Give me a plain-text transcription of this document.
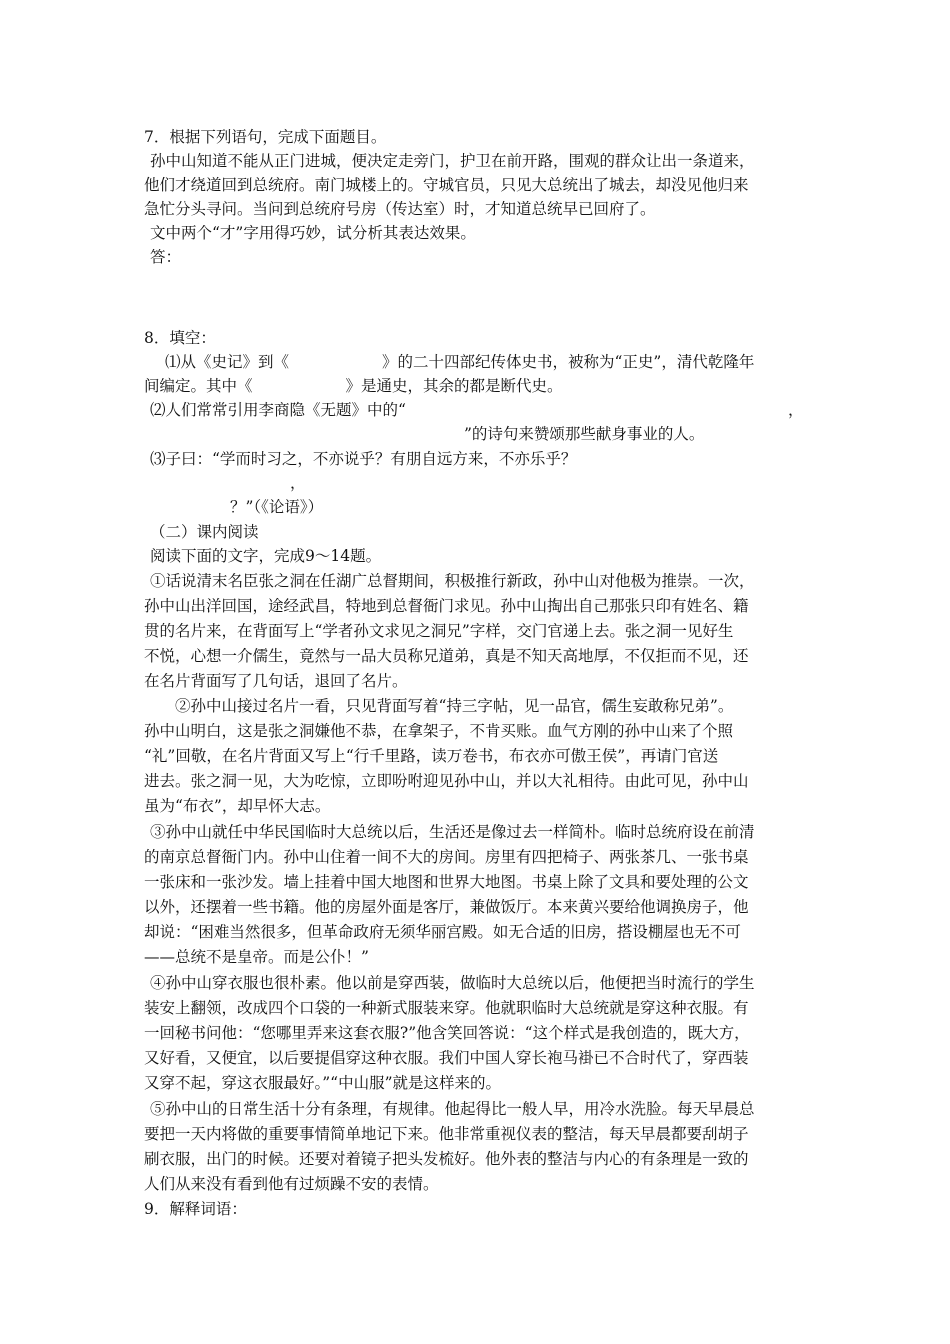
7．根据下列语句，完成下面题目。
孙中山知道不能从正门进城，便决定走旁门，护卫在前开路，围观的群众让出一条道来，
他们才绕道回到总统府。南门城楼上的。守城官员，只见大总统出了城去，却没见他归来
急忙分头寻问。当问到总统府号房（传达室）时，才知道总统早已回府了。
文中两个“才”字用得巧妙，试分析其表达效果。
答：
8．填空：
⑴从《史记》到《　　　　　　》的二十四部纪传体史书，被称为“正史”，清代乾隆年
间编定。其中《　　　　　　》是通史，其余的都是断代史。
⑵人们常常引用李商隐《无题》中的“	，
”的诗句来赞颂那些献身事业的人。
⑶子曰：“学而时习之，不亦说乎？有朋自远方来，不亦乐乎？
，
？”（《论语》）
（二）课内阅读
阅读下面的文字，完成9～14题。
①话说清末名臣张之洞在任湖广总督期间，积极推行新政，孙中山对他极为推崇。一次，
孙中山出洋回国，途经武昌，特地到总督衙门求见。孙中山掏出自己那张只印有姓名、籍
贯的名片来，在背面写上“学者孙文求见之洞兄”字样，交门官递上去。张之洞一见好生
不悦，心想一介儒生，竟然与一品大员称兄道弟，真是不知天高地厚，不仅拒而不见，还
在名片背面写了几句话，退回了名片。
②孙中山接过名片一看，只见背面写着“持三字帖，见一品官，儒生妄敢称兄弟”。
孙中山明白，这是张之洞嫌他不恭，在拿架子，不肯买账。血气方刚的孙中山来了个照
“礼”回敬，在名片背面又写上“行千里路，读万卷书，布衣亦可傲王侯”，再请门官送
进去。张之洞一见，大为吃惊，立即吩咐迎见孙中山，并以大礼相待。由此可见，孙中山
虽为“布衣”，却早怀大志。
③孙中山就任中华民国临时大总统以后，生活还是像过去一样简朴。临时总统府设在前清
的南京总督衙门内。孙中山住着一间不大的房间。房里有四把椅子、两张茶几、一张书桌
一张床和一张沙发。墙上挂着中国大地图和世界大地图。书桌上除了文具和要处理的公文
以外，还摆着一些书籍。他的房屋外面是客厅，兼做饭厅。本来黄兴要给他调换房子，他
却说：“困难当然很多，但革命政府无须华丽宫殿。如无合适的旧房，搭设棚屋也无不可
——总统不是皇帝。而是公仆！”
④孙中山穿衣服也很朴素。他以前是穿西装，做临时大总统以后，他便把当时流行的学生
装安上翻领，改成四个口袋的一种新式服装来穿。他就职临时大总统就是穿这种衣服。有
一回秘书问他：“您哪里弄来这套衣服?”他含笑回答说：“这个样式是我创造的，既大方，
又好看，又便宜，以后要提倡穿这种衣服。我们中国人穿长袍马褂已不合时代了，穿西装
又穿不起，穿这衣服最好。”“中山服”就是这样来的。
⑤孙中山的日常生活十分有条理，有规律。他起得比一般人早，用冷水洗脸。每天早晨总
要把一天内将做的重要事情简单地记下来。他非常重视仪表的整洁，每天早晨都要刮胡子
刷衣服，出门的时候。还要对着镜子把头发梳好。他外表的整洁与内心的有条理是一致的
人们从来没有看到他有过烦躁不安的表情。
9．解释词语：
